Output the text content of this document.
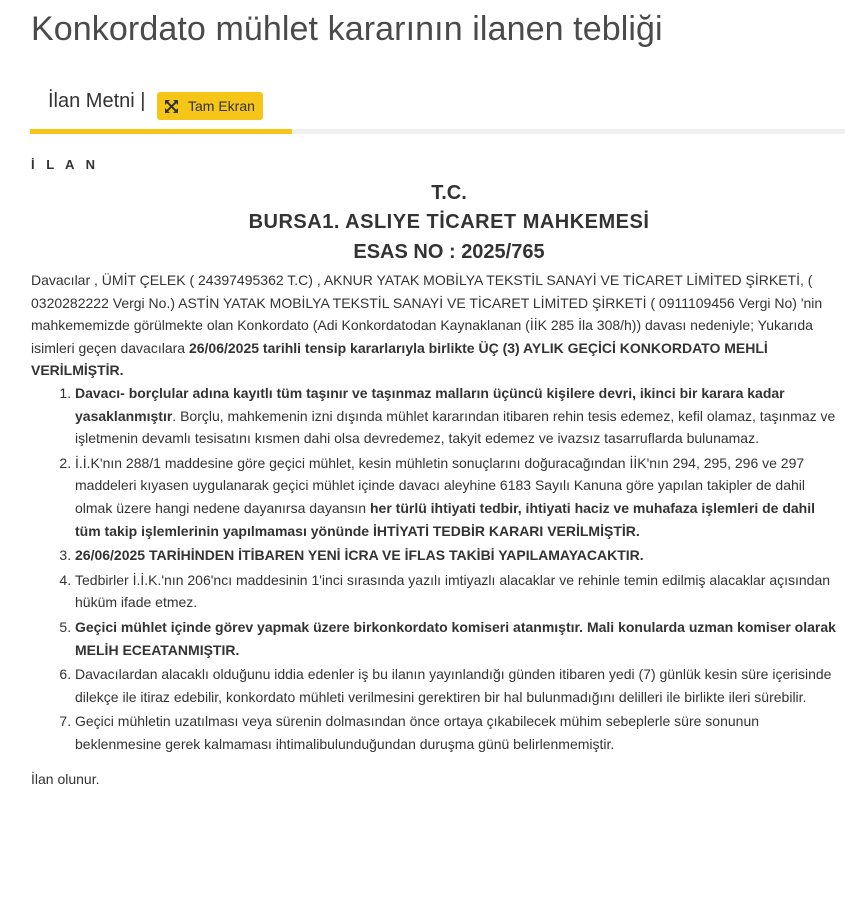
Konkordato mühlet kararının ilanen tebliği
İlan Metni |	Tam Ekran
İ L A N
T.C.
BURSA1. ASLIYE TİCARET MAHKEMESİ
ESAS NO : 2025/765

Davacılar , ÜMİT ÇELEK ( 24397495362 T.C) , AKNUR YATAK MOBİLYA TEKSTİL SANAYİ VE TİCARET LİMİTED ŞİRKETİ, ( 0320282222 Vergi No.) ASTİN YATAK MOBİLYA TEKSTİL SANAYİ VE TİCARET LİMİTED ŞİRKETİ ( 0911109456 Vergi No) 'nin mahkememizde görülmekte olan Konkordato (Adi Konkordatodan Kaynaklanan (İİK 285 İla 308/h)) davası nedeniyle; Yukarıda isimleri geçen davacılara 26/06/2025 tarihli tensip kararlarıyla birlikte ÜÇ (3) AYLIK GEÇİCİ KONKORDATO MEHLİ VERİLMİŞTİR.

1. Davacı- borçlular adına kayıtlı tüm taşınır ve taşınmaz malların üçüncü kişilere devri, ikinci bir karara kadar yasaklanmıştır. Borçlu, mahkemenin izni dışında mühlet kararından itibaren rehin tesis edemez, kefil olamaz, taşınmaz ve işletmenin devamlı tesisatını kısmen dahi olsa devredemez, takyit edemez ve ivazsız tasarruflarda bulunamaz.
2. İ.İ.K'nın 288/1 maddesine göre geçici mühlet, kesin mühletin sonuçlarını doğuracağından İİK'nın 294, 295, 296 ve 297 maddeleri kıyasen uygulanarak geçici mühlet içinde davacı aleyhine 6183 Sayılı Kanuna göre yapılan takipler de dahil olmak üzere hangi nedene dayanırsa dayansın her türlü ihtiyati tedbir, ihtiyati haciz ve muhafaza işlemleri de dahil tüm takip işlemlerinin yapılmaması yönünde İHTİYATİ TEDBİR KARARI VERİLMİŞTİR.
3. 26/06/2025 TARİHİNDEN İTİBAREN YENİ İCRA VE İFLAS TAKİBİ YAPILAMAYACAKTIR.
4. Tedbirler İ.İ.K.'nın 206'ncı maddesinin 1'inci sırasında yazılı imtiyazlı alacaklar ve rehinle temin edilmiş alacaklar açısından hüküm ifade etmez.
5. Geçici mühlet içinde görev yapmak üzere birkonkordato komiseri atanmıştır. Mali konularda uzman komiser olarak MELİH ECEATANMIŞTIR.
6. Davacılardan alacaklı olduğunu iddia edenler iş bu ilanın yayınlandığı günden itibaren yedi (7) günlük kesin süre içerisinde dilekçe ile itiraz edebilir, konkordato mühleti verilmesini gerektiren bir hal bulunmadığını delilleri ile birlikte ileri sürebilir.
7. Geçici mühletin uzatılması veya sürenin dolmasından önce ortaya çıkabilecek mühim sebeplerle süre sonunun beklenmesine gerek kalmaması ihtimalibulunduğundan duruşma günü belirlenmemiştir.
İlan olunur.
